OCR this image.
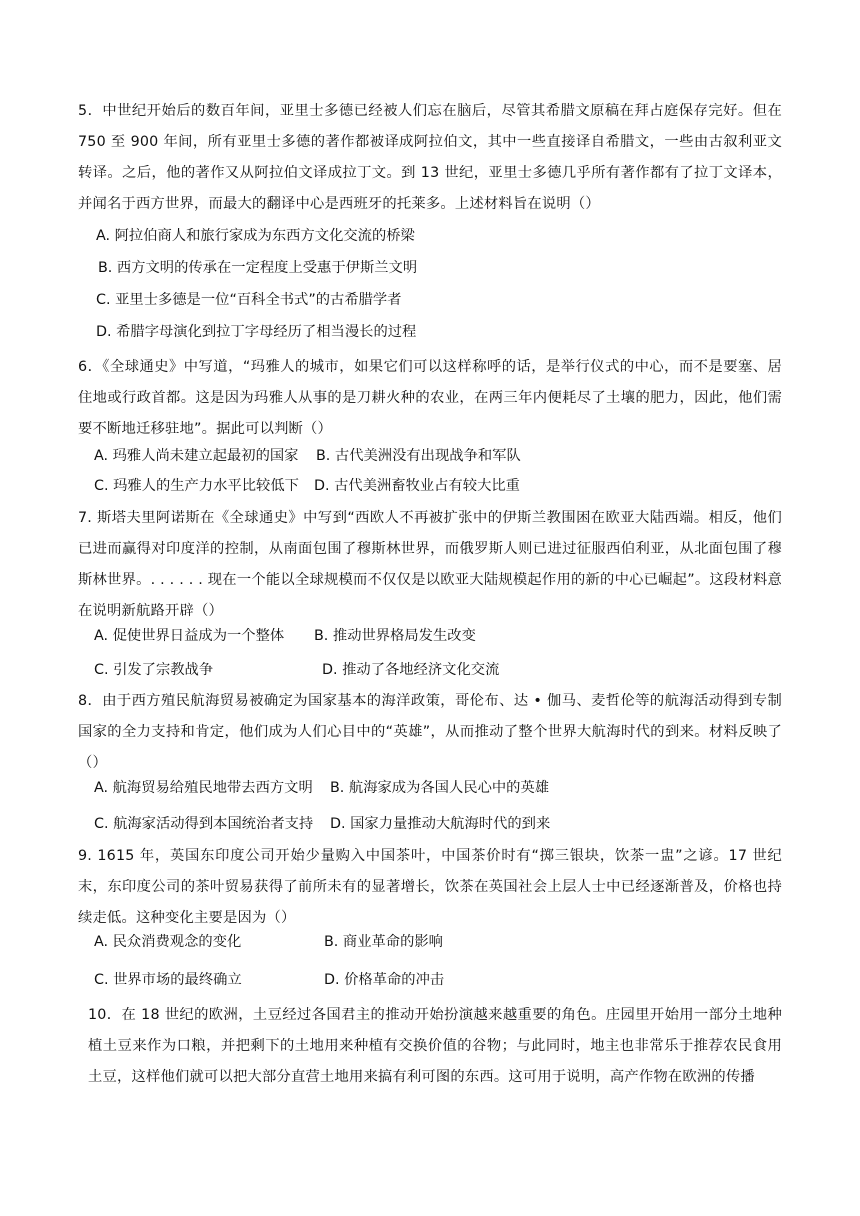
5．中世纪开始后的数百年间，亚里士多德已经被人们忘在脑后，尽管其希腊文原稿在拜占庭保存完好。但在 750 至 900 年间，所有亚里士多德的著作都被译成阿拉伯文，其中一些直接译自希腊文，一些由古叙利亚文转译。之后，他的著作又从阿拉伯文译成拉丁文。到 13 世纪，亚里士多德几乎所有著作都有了拉丁文译本，并闻名于西方世界，而最大的翻译中心是西班牙的托莱多。上述材料旨在说明（）
A. 阿拉伯商人和旅行家成为东西方文化交流的桥梁
B. 西方文明的传承在一定程度上受惠于伊斯兰文明
C. 亚里士多德是一位“百科全书式”的古希腊学者
D. 希腊字母演化到拉丁字母经历了相当漫长的过程
6．《全球通史》中写道，“玛雅人的城市，如果它们可以这样称呼的话，是举行仪式的中心，而不是要塞、居住地或行政首都。这是因为玛雅人从事的是刀耕火种的农业，在两三年内便耗尽了土壤的肥力，因此，他们需要不断地迁移驻地”。据此可以判断（）
A. 玛雅人尚未建立起最初的国家 B. 古代美洲没有出现战争和军队
C. 玛雅人的生产力水平比较低下 D. 古代美洲畜牧业占有较大比重
7. 斯塔夫里阿诺斯在《全球通史》中写到“西欧人不再被扩张中的伊斯兰教围困在欧亚大陆西端。相反，他们已进而赢得对印度洋的控制，从南面包围了穆斯林世界，而俄罗斯人则已进过征服西伯利亚，从北面包围了穆斯林世界。. . . . . . 现在一个能以全球规模而不仅仅是以欧亚大陆规模起作用的新的中心已崛起”。这段材料意在说明新航路开辟（）
A. 促使世界日益成为一个整体 B. 推动世界格局发生改变
C. 引发了宗教战争	D. 推动了各地经济文化交流
8．由于西方殖民航海贸易被确定为国家基本的海洋政策，哥伦布、达 • 伽马、麦哲伦等的航海活动得到专制国家的全力支持和肯定，他们成为人们心目中的“英雄”，从而推动了整个世界大航海时代的到来。材料反映了（）
A. 航海贸易给殖民地带去西方文明 B. 航海家成为各国人民心中的英雄
C. 航海家活动得到本国统治者支持 D. 国家力量推动大航海时代的到来
9. 1615 年，英国东印度公司开始少量购入中国茶叶，中国茶价时有“掷三银块，饮茶一盅”之谚。17 世纪末，东印度公司的茶叶贸易获得了前所未有的显著增长，饮茶在英国社会上层人士中已经逐渐普及，价格也持续走低。这种变化主要是因为（）
A. 民众消费观念的变化	B. 商业革命的影响
C. 世界市场的最终确立	D. 价格革命的冲击
10．在 18 世纪的欧洲，土豆经过各国君主的推动开始扮演越来越重要的角色。庄园里开始用一部分土地种植土豆来作为口粮，并把剩下的土地用来种植有交换价值的谷物；与此同时，地主也非常乐于推荐农民食用土豆，这样他们就可以把大部分直营土地用来搞有利可图的东西。这可用于说明，高产作物在欧洲的传播
